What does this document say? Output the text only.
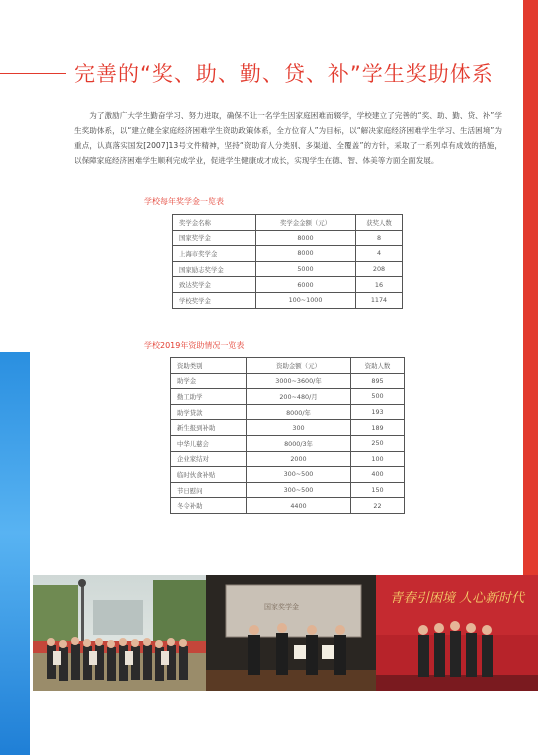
完善的“奖、助、勤、贷、补”学生奖助体系
为了激励广大学生勤奋学习、努力进取，确保不让一名学生因家庭困难而辍学，学校建立了完善的“奖、助、勤、贷、补”学生奖助体系，以“建立健全家庭经济困难学生资助政策体系，全方位育人”为目标，以“解决家庭经济困难学生学习、生活困境”为重点，认真落实国发[2007]13号文件精神，坚持“资助育人分类别、多渠道、全覆盖”的方针，采取了一系列卓有成效的措施，以保障家庭经济困难学生顺利完成学业，促进学生健康成才成长，实现学生在德、智、体美等方面全面发展。
学校每年奖学金一览表
奖学金名称	奖学金金额（元）	获奖人数
国家奖学金	8000	8
上海市奖学金	8000	4
国家励志奖学金	5000	208
致达奖学金	6000	16
学校奖学金	100~1000	1174
学校2019年资助情况一览表
资助类别	资助金额（元）	资助人数
助学金	3000~3600/年	895
勤工助学	200~480/月	500
助学贷款	8000/年	193
新生报到补助	300	189
中华儿慈会	8000/3年	250
企业家结对	2000	100
临时伙食补贴	300~500	400
节日慰问	300~500	150
冬令补助	4400	22
国家奖学金
青春引困境 人心新时代
